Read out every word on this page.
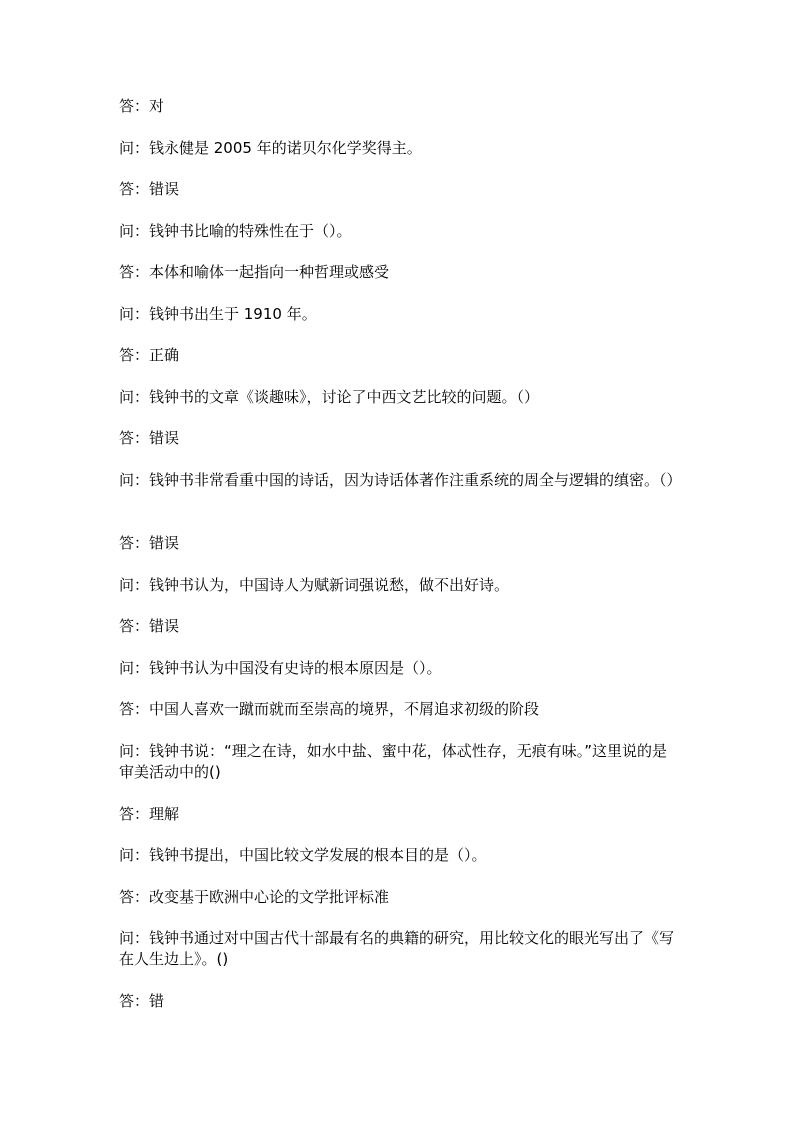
答：对

问：钱永健是 2005 年的诺贝尔化学奖得主。

答：错误

问：钱钟书比喻的特殊性在于（）。

答：本体和喻体一起指向一种哲理或感受

问：钱钟书出生于 1910 年。

答：正确

问：钱钟书的文章《谈趣味》，讨论了中西文艺比较的问题。（）

答：错误

问：钱钟书非常看重中国的诗话，因为诗话体著作注重系统的周全与逻辑的缜密。（）

答：错误

问：钱钟书认为，中国诗人为赋新词强说愁，做不出好诗。

答：错误

问：钱钟书认为中国没有史诗的根本原因是（）。

答：中国人喜欢一蹴而就而至崇高的境界，不屑追求初级的阶段

问：钱钟书说：“理之在诗，如水中盐、蜜中花，体忒性存，无痕有味。”这里说的是审美活动中的()

答：理解

问：钱钟书提出，中国比较文学发展的根本目的是（）。

答：改变基于欧洲中心论的文学批评标准

问：钱钟书通过对中国古代十部最有名的典籍的研究，用比较文化的眼光写出了《写在人生边上》。()

答：错
